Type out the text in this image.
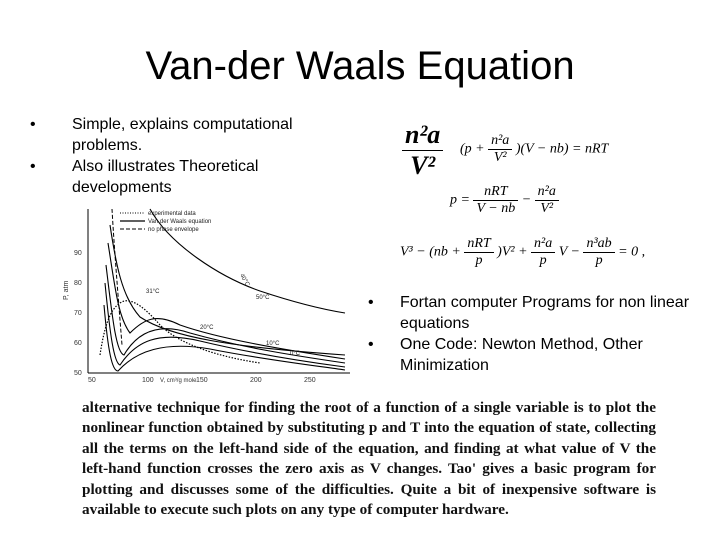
Van-der Waals Equation
• Simple, explains computational problems.
• Also illustrates Theoretical developments
• Fortan computer Programs for non linear equations
• One Code: Newton Method, Other Minimization
$\frac{\text{n²a}}{\text{V²}} (p + \frac{\text{n²a}}{\text{V²}} )(V - nb)$ = nRT
$p = \frac{\text{nRT}}{V - nb} - \frac{\text{n²a}}{\text{V²}}$
$V^3 - (nb + \frac{\text{nRT}}{p} )V^2 + \frac{\text{n²a}}{p}$ $V - \frac{\text{n³ab}}{p} = 0$ ,
50
60
70
80
90
P, atm
50	100	150	200	250
V, cm³/g mole
experimental data
Van der Waals equation
no phase envelope
40°C
50°C
31°C
20°C
10°C
0°C
alternative technique for finding the root of a function of a single variable is to plot the nonlinear function obtained by substituting p and T into the equation of state, collecting all the terms on the left-hand side of the equation, and finding at what value of V the left-hand function crosses the zero axis as V changes. Tao' gives a basic program for plotting and discusses some of the difficulties. Quite a bit of inexpensive software is available to execute such plots on any type of computer hardware.
